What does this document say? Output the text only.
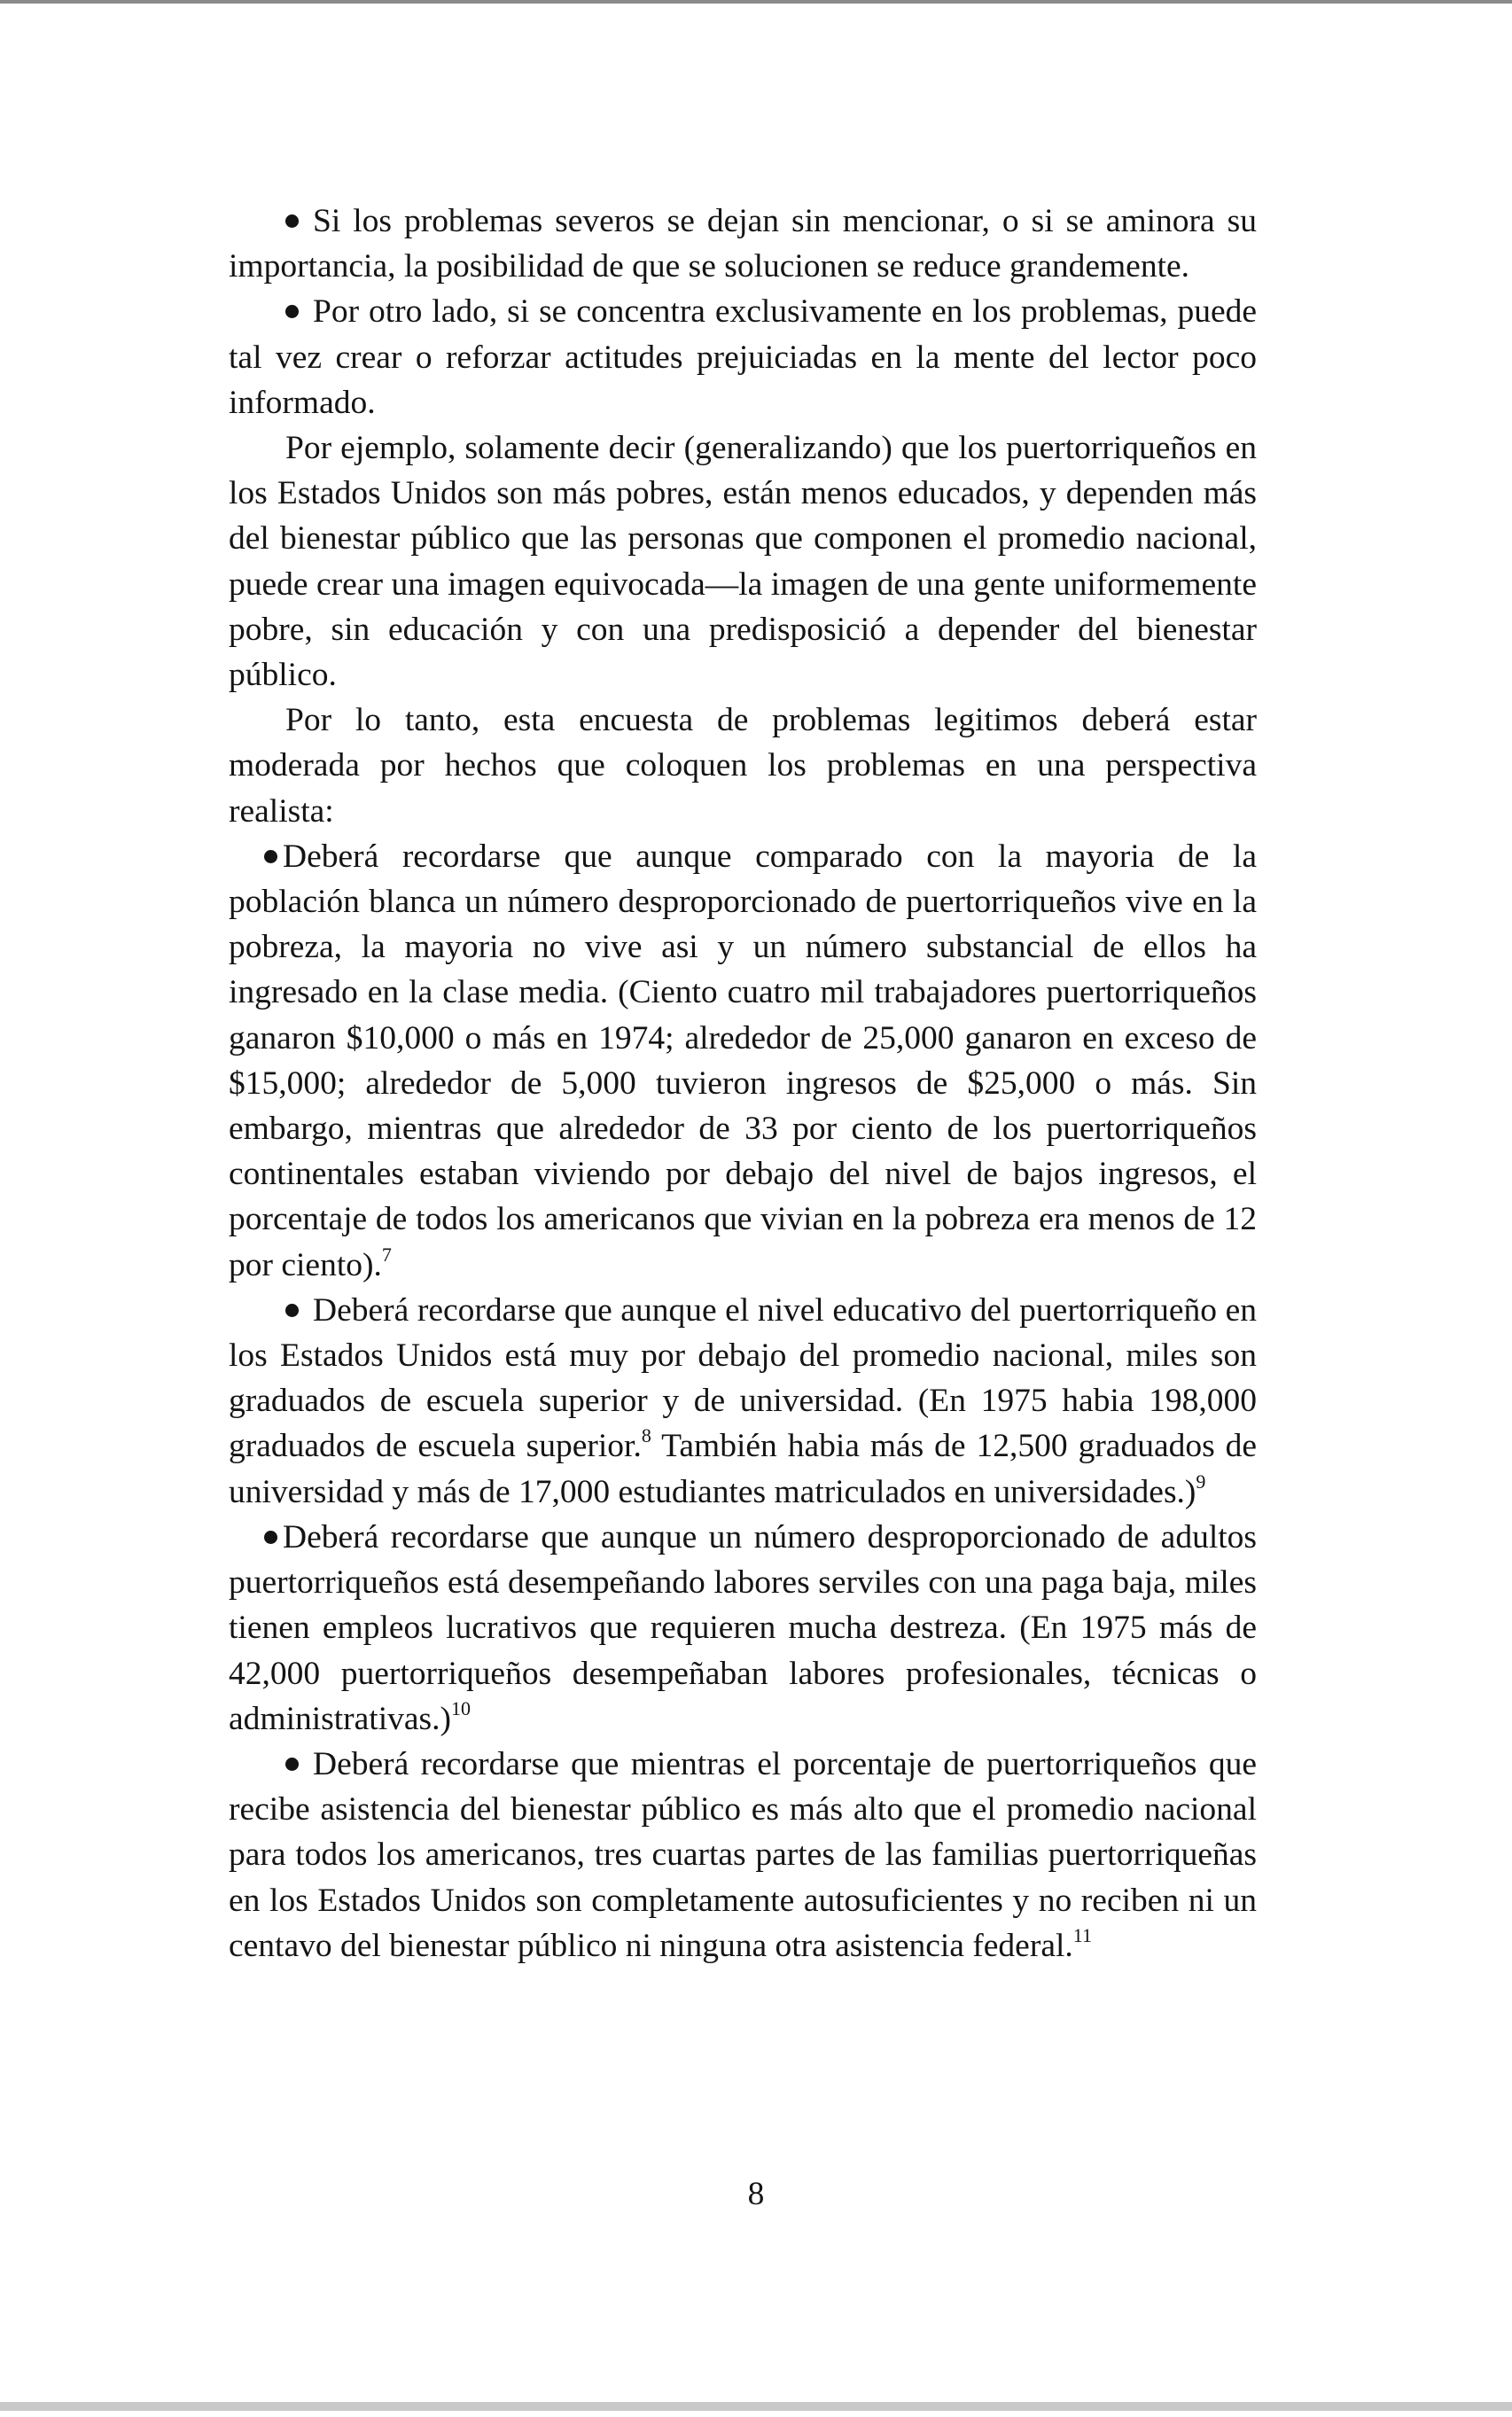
Si los problemas severos se dejan sin mencionar, o si se aminora su importancia, la posibilidad de que se solucionen se reduce grandemente.

Por otro lado, si se concentra exclusivamente en los problemas, puede tal vez crear o reforzar actitudes prejuiciadas en la mente del lector poco informado.

Por ejemplo, solamente decir (generalizando) que los puertorriqueños en los Estados Unidos son más pobres, están menos educados, y dependen más del bienestar público que las personas que componen el promedio nacional, puede crear una imagen equivocada—la imagen de una gente uniformemente pobre, sin educación y con una predisposició a depender del bienestar público.

Por lo tanto, esta encuesta de problemas legitimos deberá estar moderada por hechos que coloquen los problemas en una perspectiva realista:

Deberá recordarse que aunque comparado con la mayoria de la población blanca un número desproporcionado de puertorriqueños vive en la pobreza, la mayoria no vive asi y un número substancial de ellos ha ingresado en la clase media. (Ciento cuatro mil trabajadores puertorriqueños ganaron $10,000 o más en 1974; alrededor de 25,000 ganaron en exceso de $15,000; alrededor de 5,000 tuvieron ingresos de $25,000 o más. Sin embargo, mientras que alrededor de 33 por ciento de los puertorriqueños continentales estaban viviendo por debajo del nivel de bajos ingresos, el porcentaje de todos los americanos que vivian en la pobreza era menos de 12 por ciento).$^7$

Deberá recordarse que aunque el nivel educativo del puertorriqueño en los Estados Unidos está muy por debajo del promedio nacional, miles son graduados de escuela superior y de universidad. (En 1975 habia 198,000 graduados de escuela superior.$^8$ También habia más de 12,500 graduados de universidad y más de 17,000 estudiantes matriculados en universidades.)$^9$

Deberá recordarse que aunque un número desproporcionado de adultos puertorriqueños está desempeñando labores serviles con una paga baja, miles tienen empleos lucrativos que requieren mucha destreza. (En 1975 más de 42,000 puertorriqueños desempeñaban labores profesionales, técnicas o administrativas.)$^{10}$

Deberá recordarse que mientras el porcentaje de puertorriqueños que recibe asistencia del bienestar público es más alto que el promedio nacional para todos los americanos, tres cuartas partes de las familias puertorriqueñas en los Estados Unidos son completamente autosuficientes y no reciben ni un centavo del bienestar público ni ninguna otra asistencia federal.$^{11}$

8
